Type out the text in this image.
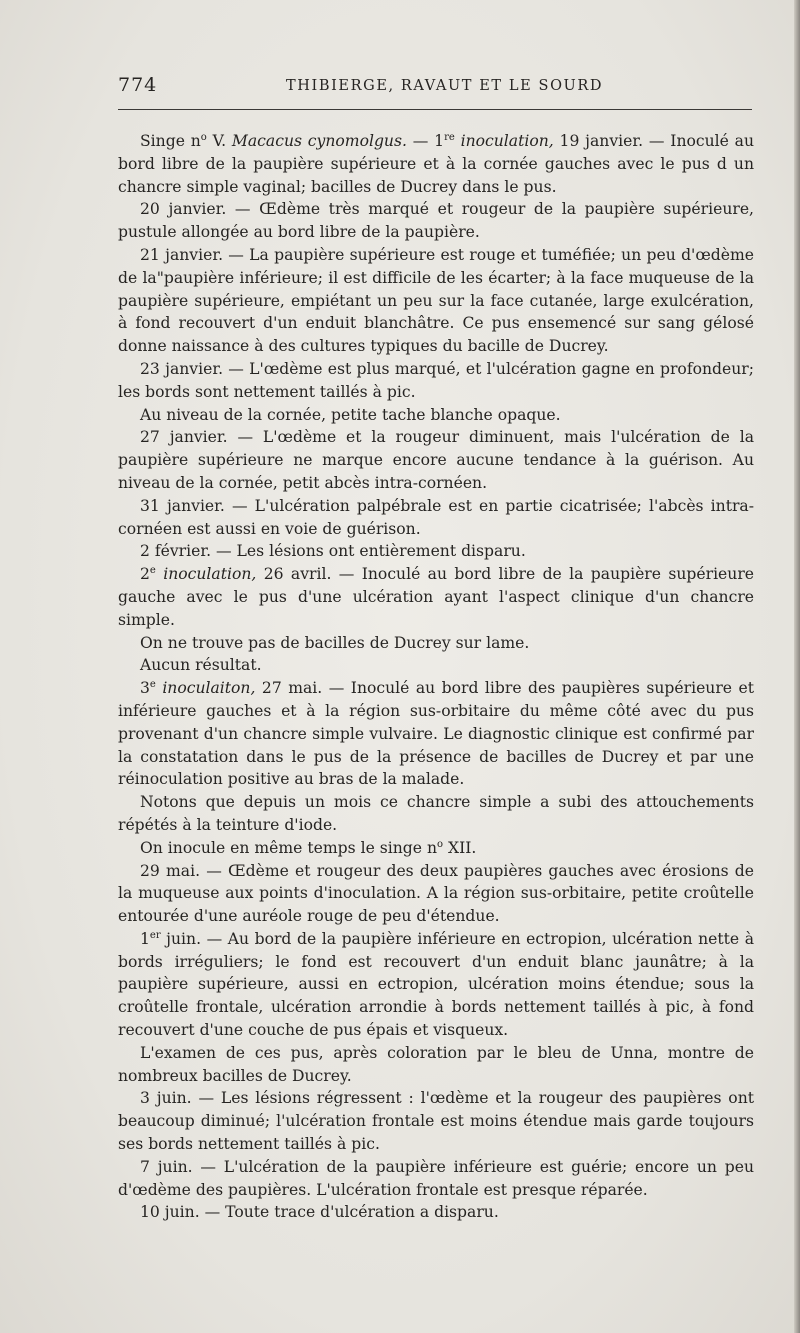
774	THIBIERGE, RAVAUT ET LE SOURD

Singe $n^o$ V. Macacus cynomolgus. — 1re inoculation, 19 janvier. — Inoculé au bord libre de la paupière supérieure et à la cornée gauches avec le pus d un chancre simple vaginal; bacilles de Ducrey dans le pus.

20 janvier. — Œdème très marqué et rougeur de la paupière supérieure, pustule allongée au bord libre de la paupière.

21 janvier. — La paupière supérieure est rouge et tuméfiée; un peu d'œdème de la"paupière inférieure; il est difficile de les écarter; à la face muqueuse de la paupière supérieure, empiétant un peu sur la face cutanée, large exulcération, à fond recouvert d'un enduit blanchâtre. Ce pus ensemencé sur sang gélosé donne naissance à des cultures typiques du bacille de Ducrey.

23 janvier. — L'œdème est plus marqué, et l'ulcération gagne en profondeur; les bords sont nettement taillés à pic.

Au niveau de la cornée, petite tache blanche opaque.

27 janvier. — L'œdème et la rougeur diminuent, mais l'ulcération de la paupière supérieure ne marque encore aucune tendance à la guérison. Au niveau de la cornée, petit abcès intra-cornéen.

31 janvier. — L'ulcération palpébrale est en partie cicatrisée; l'abcès intra-cornéen est aussi en voie de guérison.

2 février. — Les lésions ont entièrement disparu.

2e inoculation, 26 avril. — Inoculé au bord libre de la paupière supérieure gauche avec le pus d'une ulcération ayant l'aspect clinique d'un chancre simple.

On ne trouve pas de bacilles de Ducrey sur lame.

Aucun résultat.

3e inoculaiton, 27 mai. — Inoculé au bord libre des paupières supérieure et inférieure gauches et à la région sus-orbitaire du même côté avec du pus provenant d'un chancre simple vulvaire. Le diagnostic clinique est confirmé par la constatation dans le pus de la présence de bacilles de Ducrey et par une réinoculation positive au bras de la malade.

Notons que depuis un mois ce chancre simple a subi des attouchements répétés à la teinture d'iode.

On inocule en même temps le singe $n^o$ XII.

29 mai. — Œdème et rougeur des deux paupières gauches avec érosions de la muqueuse aux points d'inoculation. A la région sus-orbitaire, petite croûtelle entourée d'une auréole rouge de peu d'étendue.

1er juin. — Au bord de la paupière inférieure en ectropion, ulcération nette à bords irréguliers; le fond est recouvert d'un enduit blanc jaunâtre; à la paupière supérieure, aussi en ectropion, ulcération moins étendue; sous la croûtelle frontale, ulcération arrondie à bords nettement taillés à pic, à fond recouvert d'une couche de pus épais et visqueux.

L'examen de ces pus, après coloration par le bleu de Unna, montre de nombreux bacilles de Ducrey.

3 juin. — Les lésions régressent : l'œdème et la rougeur des paupières ont beaucoup diminué; l'ulcération frontale est moins étendue mais garde toujours ses bords nettement taillés à pic.

7 juin. — L'ulcération de la paupière inférieure est guérie; encore un peu d'œdème des paupières. L'ulcération frontale est presque réparée.

10 juin. — Toute trace d'ulcération a disparu.
